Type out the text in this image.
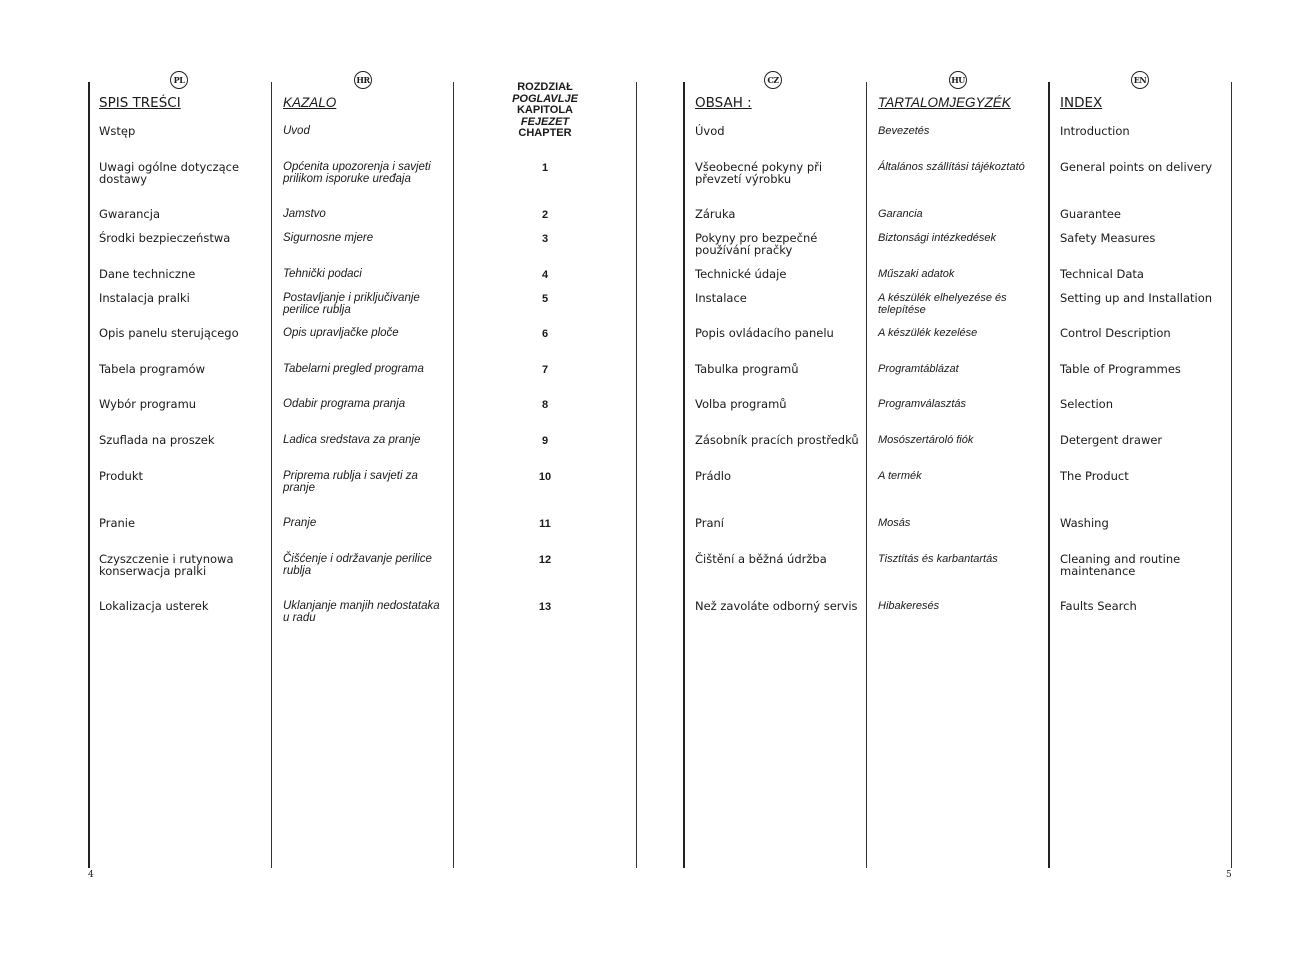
PL
SPIS TREŚCI
Wstęp
Uwagi ogólne dotyczące dostawy
Gwarancja
Środki bezpieczeństwa
Dane techniczne
Instalacja pralki
Opis panelu sterującego
Tabela programów
Wybór programu
Szuflada na proszek
Produkt
Pranie
Czyszczenie i rutynowa konserwacja pralki
Lokalizacja usterek
HR
KAZALO
Uvod
Općenita upozorenja i savjeti prilikom isporuke uređaja
Jamstvo
Sigurnosne mjere
Tehnički podaci
Postavljanje i priključivanje perilice rublja
Opis upravljačke ploče
Tabelarni pregled programa
Odabir programa pranja
Ladica sredstava za pranje
Priprema rublja i savjeti za pranje
Pranje
Čišćenje i održavanje perilice rublja
Uklanjanje manjih nedostataka u radu
ROZDZIAŁ
POGLAVLJE
KAPITOLA
FEJEZET
CHAPTER
1
2
3
4
5
6
7
8
9
10
11
12
13
CZ
OBSAH :
Úvod
Všeobecné pokyny při převzetí výrobku
Záruka
Pokyny pro bezpečné používání pračky
Technické údaje
Instalace
Popis ovládacího panelu
Tabulka programů
Volba programů
Zásobník pracích prostředků
Prádlo
Praní
Čištění a běžná údržba
Než zavoláte odborný servis
HU
TARTALOMJEGYZÉK
Bevezetés
Általános szállítási tájékoztató
Garancia
Biztonsági intézkedések
Műszaki adatok
A készülék elhelyezése és telepítése
A készülék kezelése
Programtáblázat
Programválasztás
Mosószertároló fiók
A termék
Mosás
Tisztítás és karbantartás
Hibakeresés
EN
INDEX
Introduction
General points on delivery
Guarantee
Safety Measures
Technical Data
Setting up and Installation
Control Description
Table of Programmes
Selection
Detergent drawer
The Product
Washing
Cleaning and routine maintenance
Faults Search
4	5
